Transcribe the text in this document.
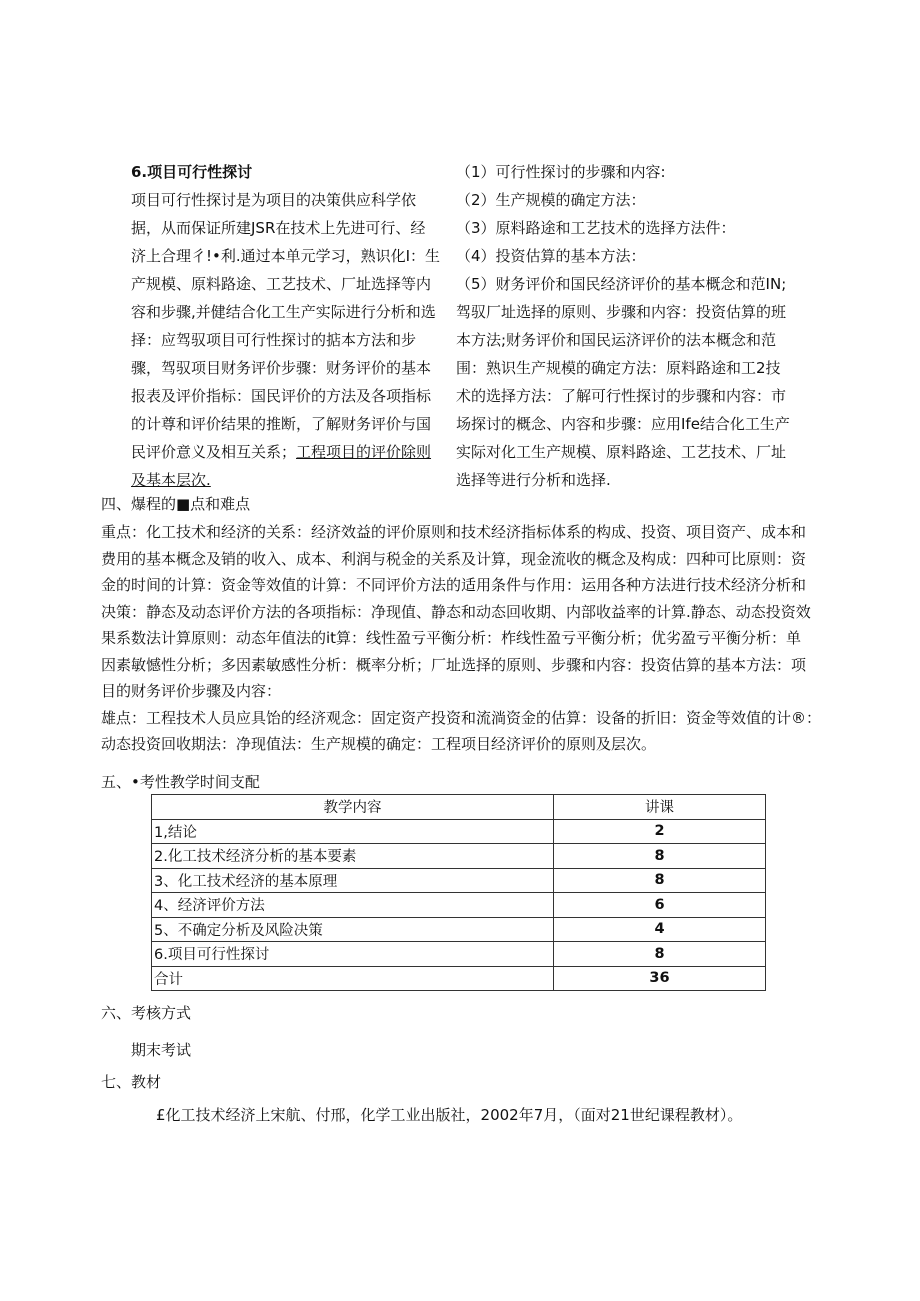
6.项目可行性探讨
项目可行性探讨是为项目的决策供应科学依
据，从而保证所建JSR在技术上先进可行、经
济上合理彳!•利.通过本单元学习，熟识化I：生
产规模、原料路途、工艺技术、厂址选择等内
容和步骤,并健结合化工生产实际进行分析和选
择：应驾驭项目可行性探讨的掂本方法和步
骤，驾驭项目财务评价步骤：财务评价的基本
报表及评价指标：国民评价的方法及各项指标
的计尊和评价结果的推断，了解财务评价与国
民评价意义及相互关系；工程项目的评价除则
及基本层次.
（1）可行性探讨的步骤和内容:
（2）生产规模的确定方法：
（3）原料路途和工艺技术的选择方法件：
（4）投资估算的基本方法：
（5）财务评价和国民经济评价的基本概念和范IN;
驾驭厂址选择的原则、步骤和内容：投资估算的班
本方法;财务评价和国民运济评价的法本概念和范
围：熟识生产规模的确定方法：原料路途和工2技
术的选择方法：了解可行性探讨的步骤和内容：市
场探讨的概念、内容和步骤：应用Ife结合化工生产
实际对化工生产规模、原料路途、工艺技术、厂址
选择等进行分析和选择.
四、爆程的■点和难点
重点：化工技术和经济的关系：经济效益的评价原则和技术经济指标体系的构成、投资、项目资产、成本和
费用的基本概念及销的收入、成本、利润与税金的关系及计算，现金流收的概念及构成：四种可比原则：资
金的时间的计算：资金等效值的计算：不同评价方法的适用条件与作用：运用各种方法进行技术经济分析和
决策：静态及动态评价方法的各项指标：净现值、静态和动态回收期、内部收益率的计算.静态、动态投资效
果系数法计算原则：动态年值法的it算：线性盈亏平衡分析：柞线性盈亏平衡分析；优劣盈亏平衡分析：单
因素敏憾性分析；多因素敏感性分析：概率分析；厂址选择的原则、步骤和内容：投资估算的基本方法：项
目的财务评价步骤及内容：
雄点：工程技术人员应具饴的经济观念：固定资产投资和流淌资金的估算：设备的折旧：资金等效值的计®：
动态投资回收期法：净现值法：生产规模的确定：工程项目经济评价的原则及层次。
五、•考性教学时间支配
教学内容	讲课
1,结论	2
2.化工技术经济分析的基本要素	8
3、化工技术经济的基本原理	8
4、经济评价方法	6
5、不确定分析及风险决策	4
6.项目可行性探讨	8
合计	36
六、考核方式
期末考试
七、教材
£化工技术经济上宋航、付邢，化学工业出版社，2002年7月，（面对21世纪课程教材）。
